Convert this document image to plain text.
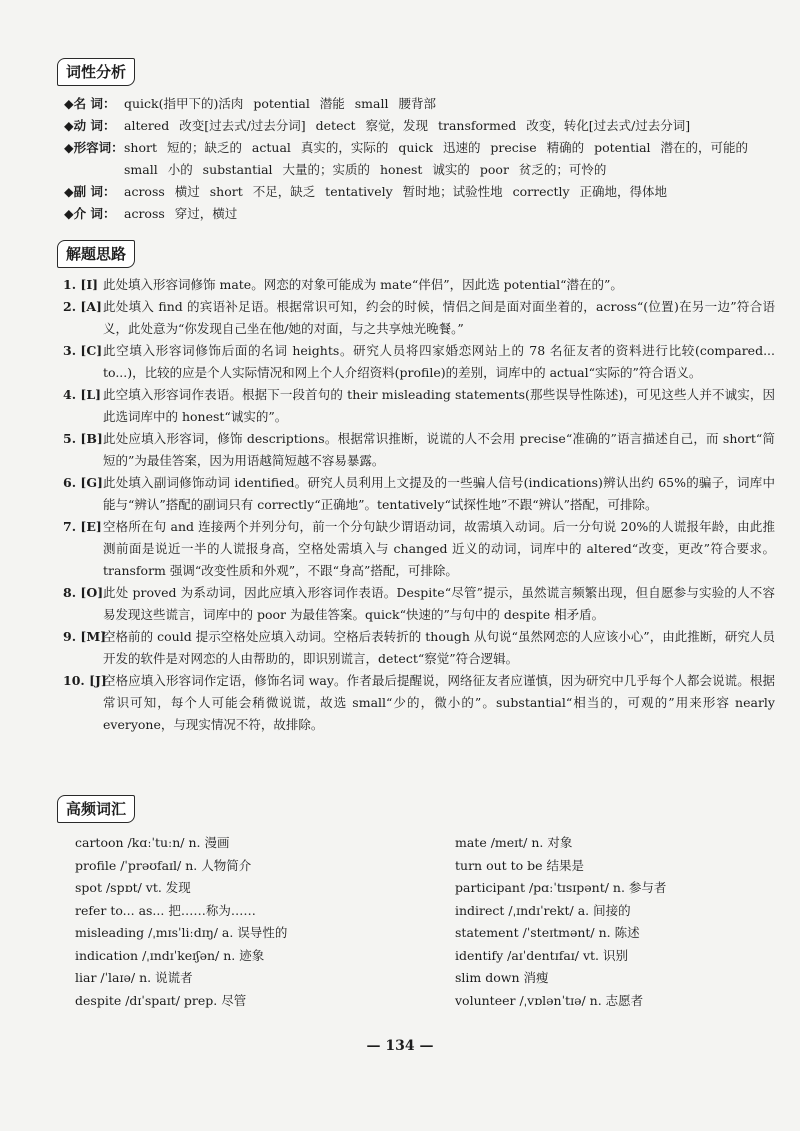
词性分析
◆名 词： quick(指甲下的)活肉 potential 潜能 small 腰背部
◆动 词： altered 改变[过去式/过去分词] detect 察觉，发现 transformed 改变，转化[过去式/过去分词]
◆形容词： short 短的；缺乏的 actual 真实的，实际的 quick 迅速的 precise 精确的 potential 潜在的，可能的 small 小的 substantial 大量的；实质的 honest 诚实的 poor 贫乏的；可怜的
◆副 词： across 横过 short 不足，缺乏 tentatively 暂时地；试验性地 correctly 正确地，得体地
◆介 词： across 穿过，横过
解题思路
1. [I] 此处填入形容词修饰 mate。网恋的对象可能成为 mate“伴侣”，因此选 potential“潜在的”。
2. [A] 此处填入 find 的宾语补足语。根据常识可知，约会的时候，情侣之间是面对面坐着的，across“(位置)在另一边”符合语义，此处意为“你发现自己坐在他/她的对面，与之共享烛光晚餐。”
3. [C] 此空填入形容词修饰后面的名词 heights。研究人员将四家婚恋网站上的 78 名征友者的资料进行比较(compared... to...)，比较的应是个人实际情况和网上个人介绍资料(profile)的差别，词库中的 actual“实际的”符合语义。
4. [L] 此空填入形容词作表语。根据下一段首句的 their misleading statements(那些误导性陈述)，可见这些人并不诚实，因此选词库中的 honest“诚实的”。
5. [B] 此处应填入形容词，修饰 descriptions。根据常识推断，说谎的人不会用 precise“准确的”语言描述自己，而 short“简短的”为最佳答案，因为用语越简短越不容易暴露。
6. [G] 此处填入副词修饰动词 identified。研究人员利用上文提及的一些骗人信号(indications)辨认出约 65%的骗子，词库中能与“辨认”搭配的副词只有 correctly“正确地”。tentatively“试探性地”不跟“辨认”搭配，可排除。
7. [E] 空格所在句 and 连接两个并列分句，前一个分句缺少谓语动词，故需填入动词。后一分句说 20%的人谎报年龄，由此推测前面是说近一半的人谎报身高，空格处需填入与 changed 近义的动词，词库中的 altered“改变，更改”符合要求。transform 强调“改变性质和外观”，不跟“身高”搭配，可排除。
8. [O] 此处 proved 为系动词，因此应填入形容词作表语。Despite“尽管”提示，虽然谎言频繁出现，但自愿参与实验的人不容易发现这些谎言，词库中的 poor 为最佳答案。quick“快速的”与句中的 despite 相矛盾。
9. [M]
空格前的 could 提示空格处应填入动词。空格后表转折的 though 从句说“虽然网恋的人应该小心”，由此推断，研究人员开发的软件是对网恋的人由帮助的，即识别谎言，detect“察觉”符合逻辑。
10. [J]
空格应填入形容词作定语，修饰名词 way。作者最后提醒说，网络征友者应谨慎，因为研究中几乎每个人都会说谎。根据常识可知，每个人可能会稍微说谎，故选 small“少的，微小的”。substantial“相当的，可观的”用来形容 nearly everyone，与现实情况不符，故排除。
高频词汇
cartoon /kɑːˈtuːn/ n. 漫画
profile /ˈprəʊfaɪl/ n. 人物简介
spot /spɒt/ vt. 发现
refer to... as... 把……称为……
misleading /ˌmɪsˈliːdɪŋ/ a. 误导性的
indication /ˌɪndɪˈkeɪʃən/ n. 迹象
liar /ˈlaɪə/ n. 说谎者
despite /dɪˈspaɪt/ prep. 尽管
mate /meɪt/ n. 对象
turn out to be 结果是
participant /pɑːˈtɪsɪpənt/ n. 参与者
indirect /ˌɪndɪˈrekt/ a. 间接的
statement /ˈsteɪtmənt/ n. 陈述
identify /aɪˈdentɪfaɪ/ vt. 识别
slim down 消瘦
volunteer /ˌvɒlənˈtɪə/ n. 志愿者
— 134 —
